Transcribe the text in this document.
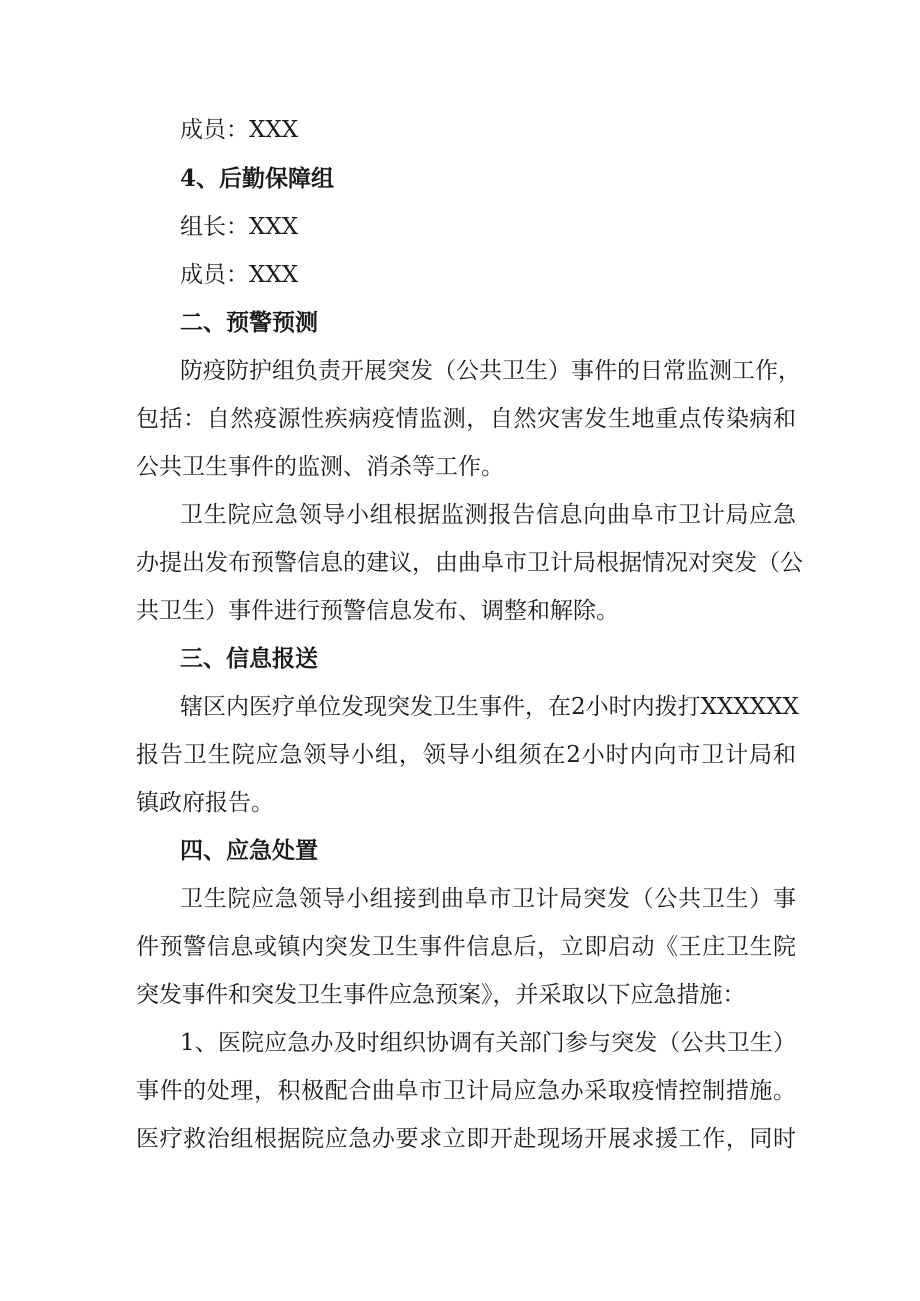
成员：XXX
4、后勤保障组
组长：XXX
成员：XXX
二、预警预测
防疫防护组负责开展突发（公共卫生）事件的日常监测工作，
包括：自然疫源性疾病疫情监测，自然灾害发生地重点传染病和
公共卫生事件的监测、消杀等工作。
卫生院应急领导小组根据监测报告信息向曲阜市卫计局应急
办提出发布预警信息的建议，由曲阜市卫计局根据情况对突发（公
共卫生）事件进行预警信息发布、调整和解除。
三、信息报送
辖区内医疗单位发现突发卫生事件，在2小时内拨打XXXXXX
报告卫生院应急领导小组，领导小组须在2小时内向市卫计局和
镇政府报告。
四、应急处置
卫生院应急领导小组接到曲阜市卫计局突发（公共卫生）事
件预警信息或镇内突发卫生事件信息后，立即启动《王庄卫生院
突发事件和突发卫生事件应急预案》，并采取以下应急措施：
1、医院应急办及时组织协调有关部门参与突发（公共卫生）
事件的处理，积极配合曲阜市卫计局应急办采取疫情控制措施。
医疗救治组根据院应急办要求立即开赴现场开展求援工作，同时
